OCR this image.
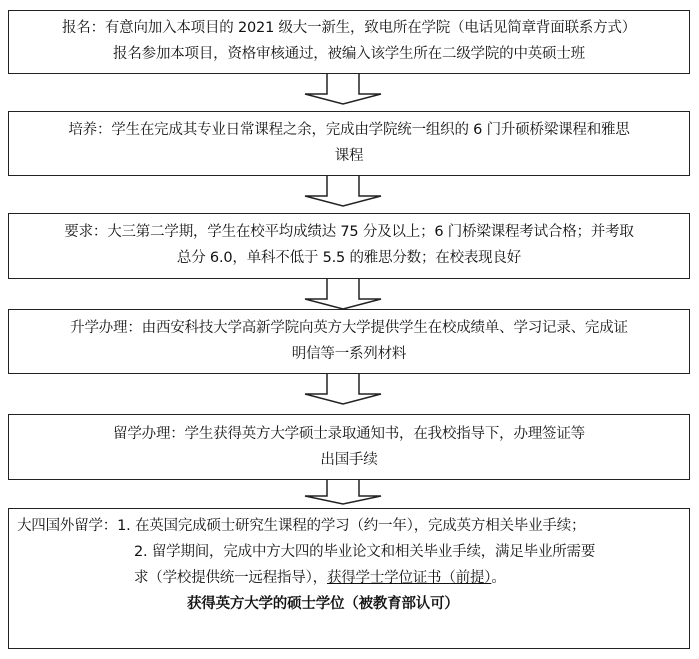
报名：有意向加入本项目的 2021 级大一新生，致电所在学院（电话见简章背面联系方式）
报名参加本项目，资格审核通过，被编入该学生所在二级学院的中英硕士班
培养：学生在完成其专业日常课程之余，完成由学院统一组织的 6 门升硕桥梁课程和雅思
课程
要求：大三第二学期，学生在校平均成绩达 75 分及以上；6 门桥梁课程考试合格；并考取
总分 6.0，单科不低于 5.5 的雅思分数；在校表现良好
升学办理：由西安科技大学高新学院向英方大学提供学生在校成绩单、学习记录、完成证
明信等一系列材料
留学办理：学生获得英方大学硕士录取通知书，在我校指导下，办理签证等
出国手续
大四国外留学：1. 在英国完成硕士研究生课程的学习（约一年），完成英方相关毕业手续；
2. 留学期间，完成中方大四的毕业论文和相关毕业手续，满足毕业所需要
求（学校提供统一远程指导），获得学士学位证书（前提）。
获得英方大学的硕士学位（被教育部认可）
